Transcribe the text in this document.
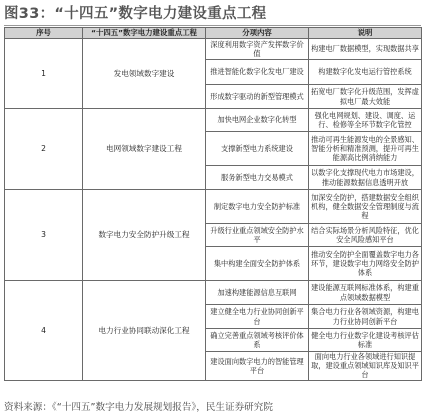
图33：“十四五”数字电力建设重点工程
序号	“十四五”数字电力建设重点工程	分项内容	说明
1	发电领域数字建设	深度利用数字资产发挥数字价值	构建电厂数据模型，实现数据共享
		推进智能化数字化发电厂建设	构建数字化发电运行管控系统
		形成数字驱动的新型管理模式	拓宽电厂数字化升级范围，发挥虚拟电厂最大效能
2	电网领域数字建设工程	加快电网企业数字化转型	强化电网规划、建设、调度、运行、检修等全环节数字化管控
		支撑新型电力系统建设	推动可再生能源发电的全景感知、智能分析和精准预测，提升可再生能源高比例消纳能力
		服务新型电力交易模式	以数字化支撑现代电力市场建设，推动能源数据信息透明开放
3	数字电力安全防护升级工程	制定数字电力安全防护标准	加深安全防护，搭建数据安全组织机构，健全数据安全管理制度与流程
		升级行业重点领域安全防护水平	结合实际场景分析风险特征，优化安全风险感知平台
		集中构建全面安全防护体系	推动安全防护全面覆盖数字电力各环节，建设数字电力网络安全防护体系
4	电力行业协同联动深化工程	加速构建能源信息互联网	建设能源互联网标准体系，构建重点领域数据模型
		建立健全电力行业协同创新平台	集合电力行业各领域资源，构建电力行业协同创新平台
		确立完善重点领域考核评价体系	健全电力行业数字化建设考核评估标准
		建设面向数字电力的智能管理平台	面向电力行业各领域进行知识提取，建设重点领域知识库及知识平台
资料来源：《“十四五”数字电力发展规划报告》，民生证券研究院
